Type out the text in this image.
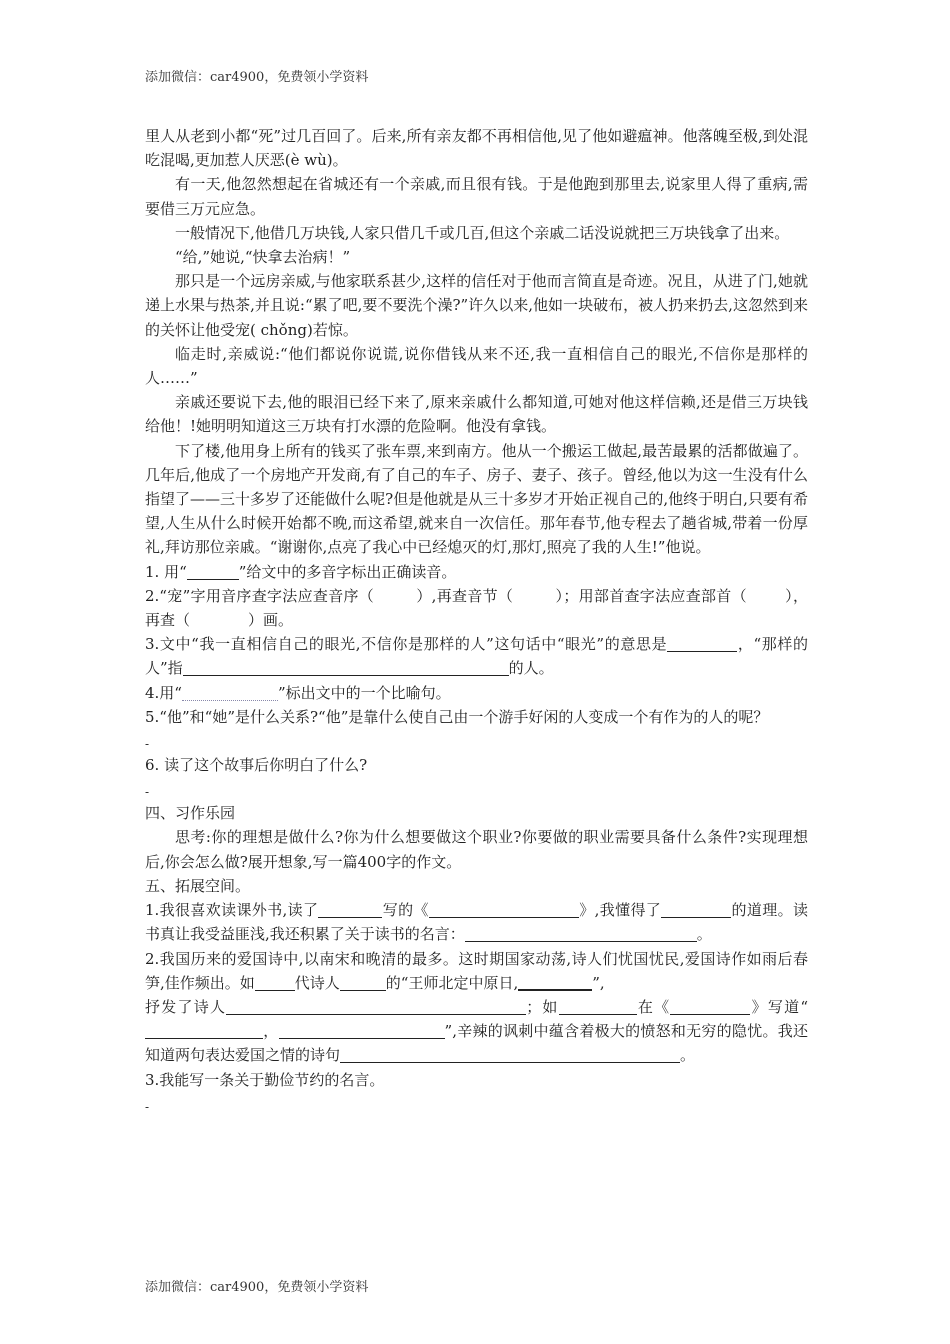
添加微信：car4900，免费领小学资料

里人从老到小都“死”过几百回了。后来,所有亲友都不再相信他,见了他如避瘟神。他落魄至极,到处混吃混喝,更加惹人厌恶(è wù)。

有一天,他忽然想起在省城还有一个亲戚,而且很有钱。于是他跑到那里去,说家里人得了重病,需要借三万元应急。

一般情况下,他借几万块钱,人家只借几千或几百,但这个亲戚二话没说就把三万块钱拿了出来。

“给,”她说,“快拿去治病！”

那只是一个远房亲威,与他家联系甚少,这样的信任对于他而言简直是奇迹。况且，从进了门,她就递上水果与热茶,并且说:“累了吧,要不要洗个澡?”许久以来,他如一块破布，被人扔来扔去,这忽然到来的关怀让他受宠( chǒng)若惊。

临走时,亲威说:“他们都说你说谎,说你借钱从来不还,我一直相信自己的眼光,不信你是那样的人……”

亲戚还要说下去,他的眼泪已经下来了,原来亲戚什么都知道,可她对他这样信赖,还是借三万块钱给他！!她明明知道这三万块有打水漂的危险啊。他没有拿钱。

下了楼,他用身上所有的钱买了张车票,来到南方。他从一个搬运工做起,最苦最累的活都做遍了。几年后,他成了一个房地产开发商,有了自己的车子、房子、妻子、孩子。曾经,他以为这一生没有什么指望了——三十多岁了还能做什么呢?但是他就是从三十多岁才开始正视自己的,他终于明白,只要有希望,人生从什么时候开始都不晚,而这希望,就来自一次信任。那年春节,他专程去了趟省城,带着一份厚礼,拜访那位亲戚。“谢谢你,点亮了我心中已经熄灭的灯,那灯,照亮了我的人生!”他说。

1. 用“	”给文中的多音字标出正确读音。

2.“宠”字用音序查字法应查音序（	）,再查音节（	）；用部首查字法应查部首（	），再查（	）画。

3.文中“我一直相信自己的眼光,不信你是那样的人”这句话中“眼光”的意思是	，“那样的人”指	的人。

4.用“	”标出文中的一个比喻句。

5.“他”和“她”是什么关系?“他”是靠什么使自己由一个游手好闲的人变成一个有作为的人的呢？

-

6. 读了这个故事后你明白了什么?

-

四、习作乐园

思考:你的理想是做什么?你为什么想要做这个职业?你要做的职业需要具备什么条件?实现理想后,你会怎么做?展开想象,写一篇400字的作文。

五、拓展空间。

1.我很喜欢读课外书,读了	写的《	》,我懂得了	的道理。读书真让我受益匪浅,我还积累了关于读书的名言：	。

2.我国历来的爱国诗中,以南宋和晚清的最多。这时期国家动荡,诗人们忧国忧民,爱国诗作如雨后春笋,佳作频出。如	代诗人	的“王师北定中原日,	”,

抒发了诗人	；如	在《	》写道“，	”,辛辣的讽刺中蕴含着极大的愤怒和无穷的隐忧。我还知道两句表达爱国之情的诗句	。

3.我能写一条关于勤俭节约的名言。

-
添加微信：car4900，免费领小学资料
